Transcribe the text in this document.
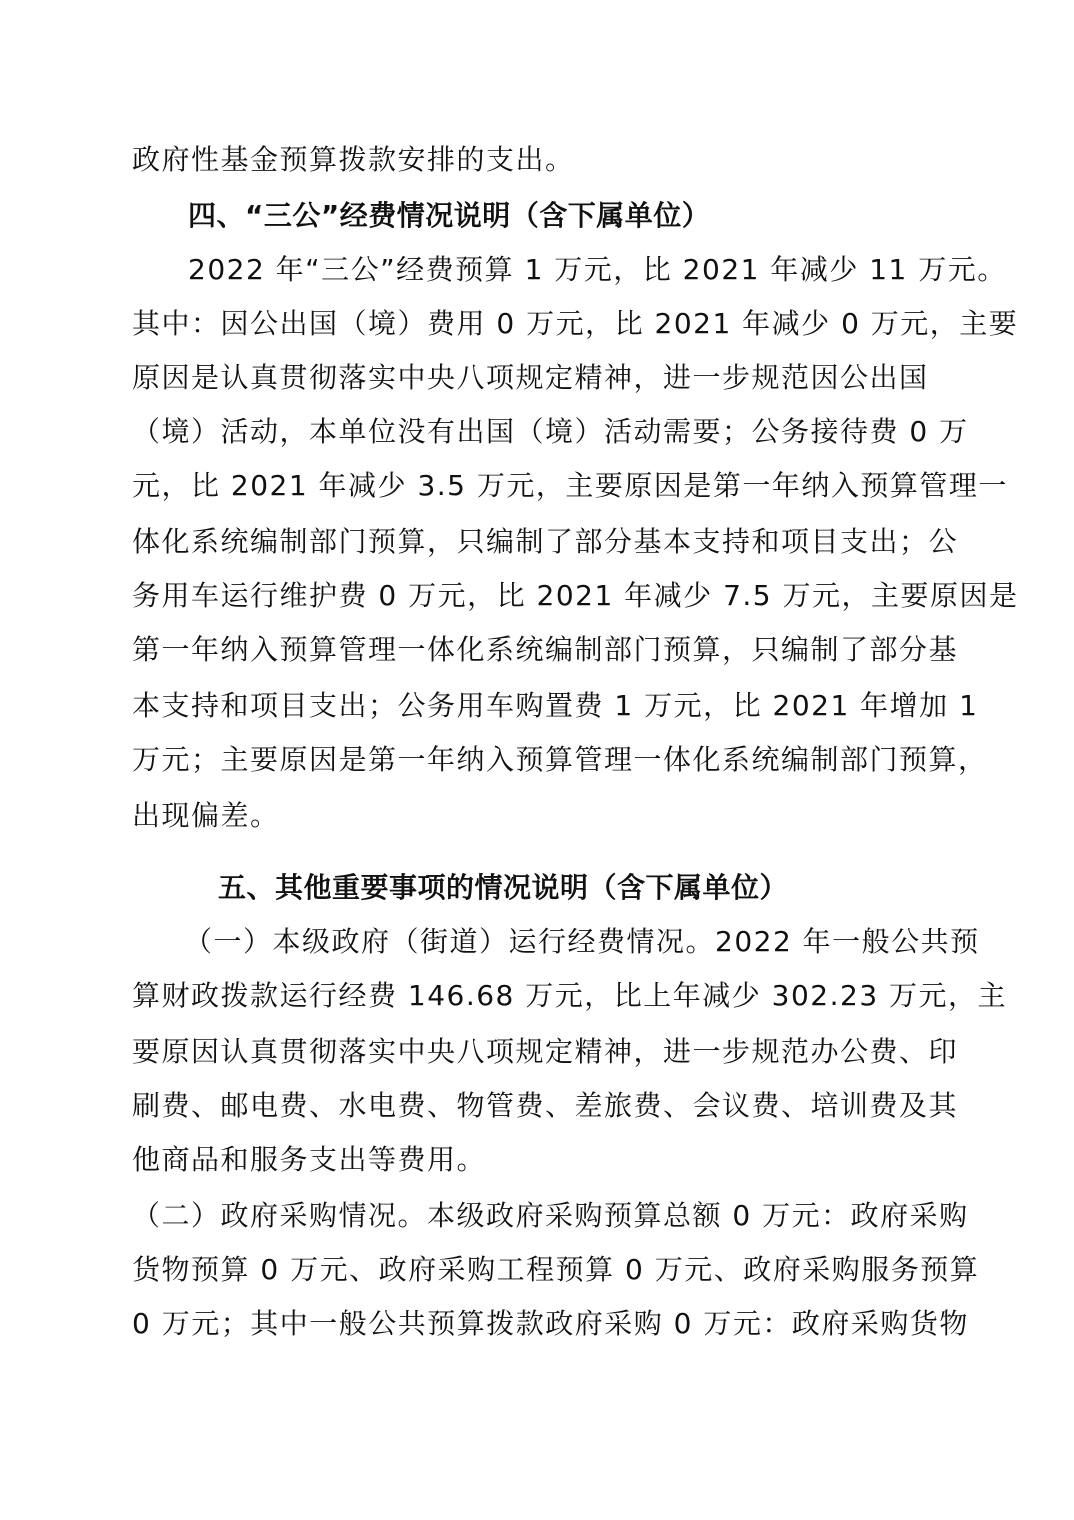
政府性基金预算拨款安排的支出。
四、“三公”经费情况说明（含下属单位）
2022 年“三公”经费预算 1 万元，比 2021 年减少 11 万元。
其中：因公出国（境）费用 0 万元，比 2021 年减少 0 万元，主要
原因是认真贯彻落实中央八项规定精神，进一步规范因公出国
（境）活动，本单位没有出国（境）活动需要；公务接待费 0 万
元，比 2021 年减少 3.5 万元，主要原因是第一年纳入预算管理一
体化系统编制部门预算，只编制了部分基本支持和项目支出；公
务用车运行维护费 0 万元，比 2021 年减少 7.5 万元，主要原因是
第一年纳入预算管理一体化系统编制部门预算，只编制了部分基
本支持和项目支出；公务用车购置费 1 万元，比 2021 年增加 1
万元；主要原因是第一年纳入预算管理一体化系统编制部门预算，
出现偏差。
五、其他重要事项的情况说明（含下属单位）
（一）本级政府（街道）运行经费情况。2022 年一般公共预
算财政拨款运行经费 146.68 万元，比上年减少 302.23 万元，主
要原因认真贯彻落实中央八项规定精神，进一步规范办公费、印
刷费、邮电费、水电费、物管费、差旅费、会议费、培训费及其
他商品和服务支出等费用。
（二）政府采购情况。本级政府采购预算总额 0 万元：政府采购
货物预算 0 万元、政府采购工程预算 0 万元、政府采购服务预算
0 万元；其中一般公共预算拨款政府采购 0 万元：政府采购货物
